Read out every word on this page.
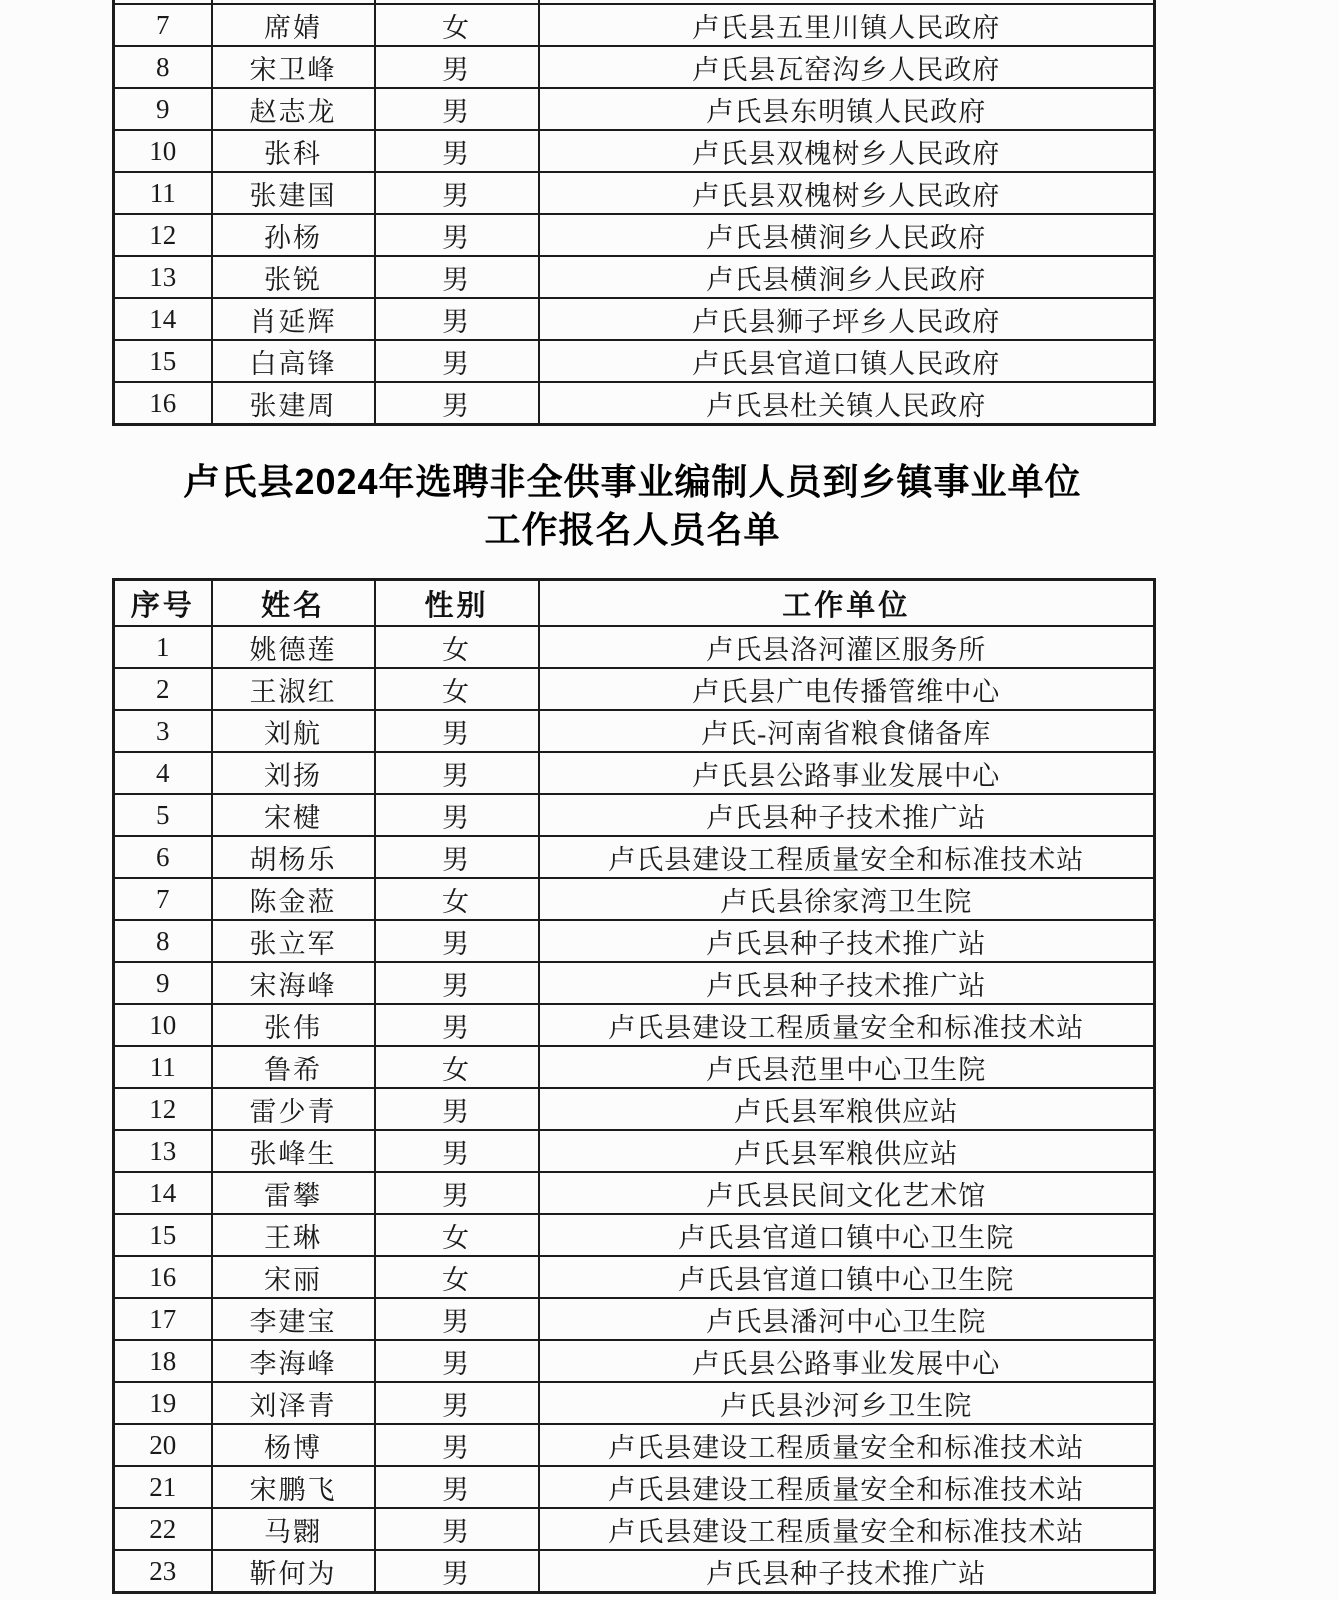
7	席婧	女	卢氏县五里川镇人民政府
8	宋卫峰	男	卢氏县瓦窑沟乡人民政府
9	赵志龙	男	卢氏县东明镇人民政府
10	张科	男	卢氏县双槐树乡人民政府
11	张建国	男	卢氏县双槐树乡人民政府
12	孙杨	男	卢氏县横涧乡人民政府
13	张锐	男	卢氏县横涧乡人民政府
14	肖延辉	男	卢氏县狮子坪乡人民政府
15	白高锋	男	卢氏县官道口镇人民政府
16	张建周	男	卢氏县杜关镇人民政府
卢氏县2024年选聘非全供事业编制人员到乡镇事业单位
工作报名人员名单
序号	姓名	性别	工作单位
1	姚德莲	女	卢氏县洛河灌区服务所
2	王淑红	女	卢氏县广电传播管维中心
3	刘航	男	卢氏-河南省粮食储备库
4	刘扬	男	卢氏县公路事业发展中心
5	宋楗	男	卢氏县种子技术推广站
6	胡杨乐	男	卢氏县建设工程质量安全和标准技术站
7	陈金蒞	女	卢氏县徐家湾卫生院
8	张立军	男	卢氏县种子技术推广站
9	宋海峰	男	卢氏县种子技术推广站
10	张伟	男	卢氏县建设工程质量安全和标准技术站
11	鲁希	女	卢氏县范里中心卫生院
12	雷少青	男	卢氏县军粮供应站
13	张峰生	男	卢氏县军粮供应站
14	雷攀	男	卢氏县民间文化艺术馆
15	王琳	女	卢氏县官道口镇中心卫生院
16	宋丽	女	卢氏县官道口镇中心卫生院
17	李建宝	男	卢氏县潘河中心卫生院
18	李海峰	男	卢氏县公路事业发展中心
19	刘泽青	男	卢氏县沙河乡卫生院
20	杨博	男	卢氏县建设工程质量安全和标准技术站
21	宋鹏飞	男	卢氏县建设工程质量安全和标准技术站
22	马翾	男	卢氏县建设工程质量安全和标准技术站
23	靳何为	男	卢氏县种子技术推广站
